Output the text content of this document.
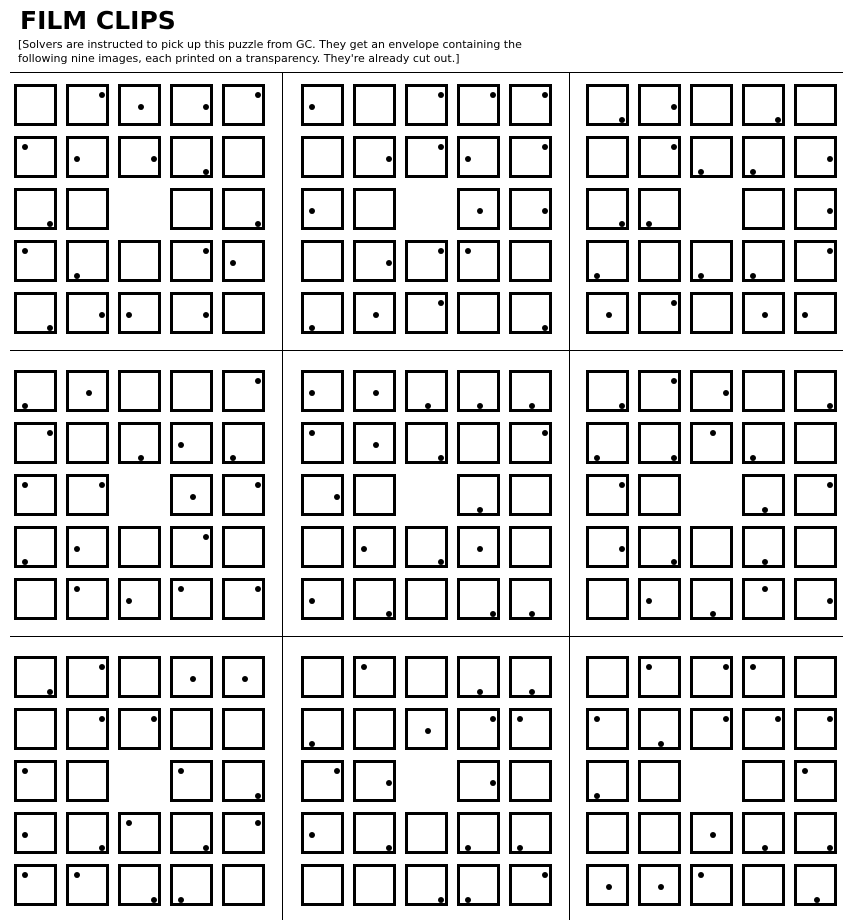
FILM CLIPS
[Solvers are instructed to pick up this puzzle from GC. They get an envelope containing the following nine images, each printed on a transparency. They're already cut out.]
